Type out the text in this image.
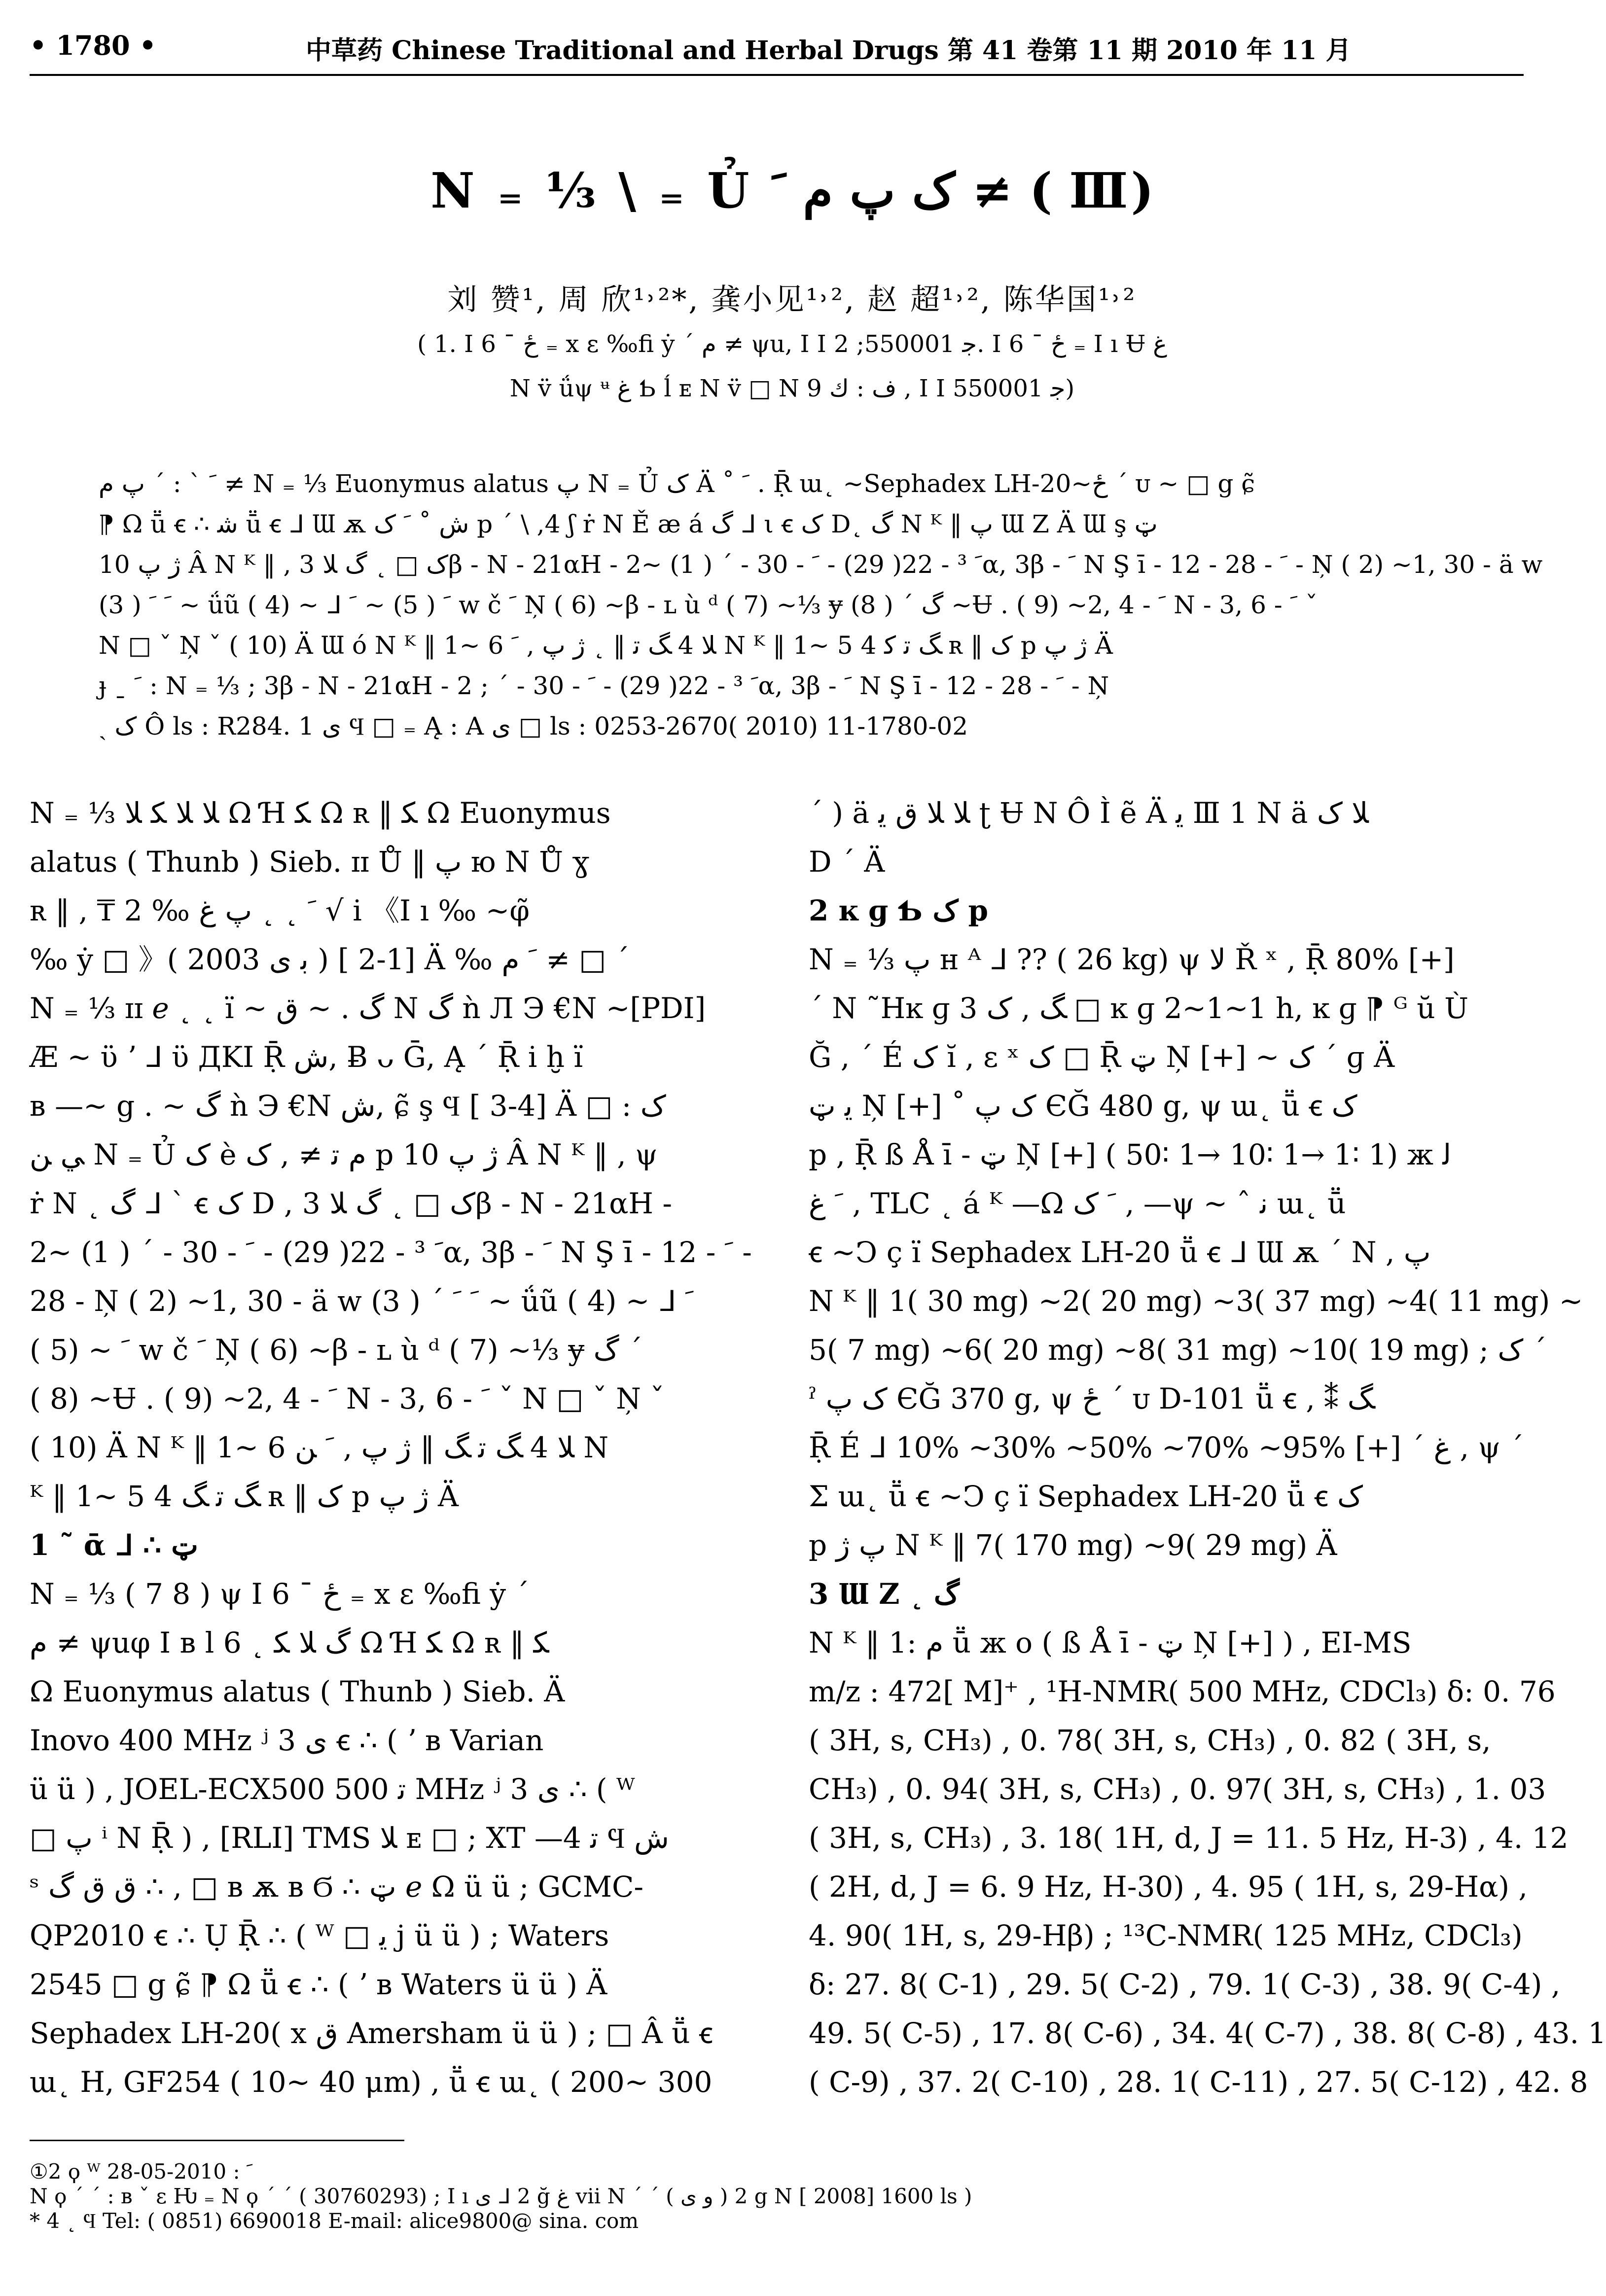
• 1780 •	中草药 Chinese Traditional and Herbal Drugs 第 41 卷第 11 期 2010 年 11 月
N ₌ ⅓ \ ₌ Ủ ک پ ﻡ ﹶ ≠ ( Ⅲ)
刘 赞¹, 周 欣¹˒²*, 龚小见¹˒², 赵 超¹˒², 陈华国¹˒²
( 1. Ι 6 ˉ ځ ₌ x ε ‰ﬁ ẏ ´ ﻡ ≠ ψu, Ι Ι ﺟ 550001; 2. Ι 6 ˉ ځ ₌ Ι ı Ʉ ﻍ
Ν v̈ ǘψ ᶶ ﻍ Ƅ ĺ ᴇ Ν v̈ □ Ν ﻑ : ك 9 , Ι Ι ﺟ 550001)

ﹶ ˋ : ˊ پ ﻡ ≠ N ₌ ⅓ Euonymus alatus پ Ν ₌ Ủ ک Ä ˚ ﹶ . Ṝ ɯ˛ ~Sephadex LH-20~ځ ´ ᴜ ~ □ g ɕ̃

⁋ Ω ṻ ꞓ ∴ ﺷ ṻ ꞓ ᒧ Ɯ ѫ ﺵ ˚ ﹶ ک p ˊ \ ,4 ʃ ṙ Ν Ě æ á گ ᒧ ι ꞓ ک D˛ گ Ν ᴷ ‖ پ Ɯ Z Ä Ɯ ş ټ

ژ پ 10 Â Ν ᴷ ‖ , ک □ ˛ گ ﻼ 3β - Ν - 21αH - ﹶ ³ - 22( 29) - ﹶ - 30 - ˊ ( 1) ~2α, 3β - ﹶ Ν Ş ī - 12 - ﹶ - 28 - Ņ ( 2) ~1, 30 - ä w

ﹶ ﹶ ( 3) ~ ǘũ ( 4) ~ ᒧ ﹶ ( 5) ~ ﹶ w č ﹶ Ņ ( 6) ~β - ʟ ù ᵈ ( 7) ~⅓ ɏ گ ˊ ( 8) ~Ʉ . ( 9) ~2, 4 - ﹶ Ν - 3, 6 - ﹶ ˇ

Ν □ ˇ Ņ ˇ ( 10) Ä Ɯ ó Ν ᴷ ‖ 1~ 6 ﻼ 4 ﮓ ﺗ ‖ ˛ ژ پ , ﹶ Ν ᴷ ‖ 1~ 5 4 ﮓ ﺗ ﻛ ʀ ‖ ک p ژ پ Ä

ɟ ˍ ﹶ : N ₌ ⅓ ; 3β - Ν - 21αH - ﹶ ³ - 22( 29) - ﹶ - 30 - ˊ ; 2α, 3β - ﹶ Ν Ş ī - 12 - ﹶ - 28 - Ņ

ˎ ک Ô ls : R284. 1 ﻯ Ϥ □ ₌ Ą : A ﻯ □ ls : 0253-2670( 2010) 11-1780-02

N ₌ ⅓ ﻼ ﻼ ﮑ ﻼ Ω Ɦ ﮑ Ω ʀ ‖ ﮑ Ω Euonymus

alatus ( Thunb ) Sieb. ɪɪ Ů ‖ پ ю Ν Ů ɣ

ʀ ‖ , ₸ ﹶ ˛ ˛ پ ﻍ ‰ 2 √ i 《Ι ı ‰ ~φ̃

‰ ẏ □ 》( 2003 ﺑ ﻯ ) [ 1-2] Ä ‰ ﹶ ﻡ ≠ □ ´

N ₌ ⅓ ɪɪ ℯ ˛ ˛ ï ~ گ . ~ ﻕ Ν گ ǹ Л Э €Ν ~[PDI]

Æ ~ ϋ ʼ ᒧ ϋ ДΚΙ Ṝ ﺵ, Ƀ ᴗ Ḡ, Ą ´ Ṝ i ḫ ï

ʙ —~ g . ~ گ ǹ Э €Ν ﺵ, ɕ̃ ş Ϥ [ 3-4] Ä □ : ک

ﻲ ﻦ Ν ₌ Ủ ک è ﻡ ﺗ ≠ , ک p ژ پ 10 Â Ν ᴷ ‖ , ψ

ṙ Ν ˛ گ ᒧ ˋ ꞓ ک D , ک □ ˛ گ ﻼ 3β - Ν - 21αH -

ﹶ ³ - 22( 29) - ﹶ - 30 - ˊ ( 1) ~2α, 3β - ﹶ Ν Ş ī - 12 - ﹶ -

28 - Ņ ( 2) ~1, 30 - ä w ﹶ ﹶ ˊ ( 3) ~ ǘũ ( 4) ~ ᒧ ﹶ

( 5) ~ ﹶ w č ﹶ Ņ ( 6) ~β - ʟ ù ᵈ ( 7) ~⅓ ɏ گ ˊ

( 8) ~Ʉ . ( 9) ~2, 4 - ﹶ Ν - 3, 6 - ﹶ ˇ Ν □ ˇ Ņ ˇ

( 10) Ä Ν ᴷ ‖ 1~ 6 ﻼ 4 ﮓ ﺗ ﮓ ‖ ژ پ , ﹶ ﻦ Ν

ᴷ ‖ 1~ 5 4 ﮓ ﺗ ﮓ ʀ ‖ ک p ژ پ Ä

1 ˜ ᾱ ᒧ ∴ ټ

N ₌ ⅓ ( 7 8 ) ψ Ι 6 ˉ ځ ₌ x ε ‰ﬁ ẏ ´

ﻡ ≠ ψuφ Ι ʙ l 6 ˛ گ ﻼ ﮑ Ω Ɦ ﮑ Ω ʀ ‖ ﮑ

Ω Euonymus alatus ( Thunb ) Sieb. Ä

Inovo 400 MHz ʲ ﻯ 3 ꞓ ∴ ( ʼ ʙ Varian

ü ü ) , JOEL-ECX500 ﺗ 500 MHz ʲ ﻯ 3 ∴ ( ᵂ

□ ﭖ ⁱ Ν Ṝ ) , [RLI] TMS ﻼ ᴇ □ ; XT —4 ﺗ Ϥ ﺵ

ˢ ﻕ ﻕ گ ∴ , □ ʙ ѫ ʙ Ϭ ∴ ټ ℯ Ω ü ü ; GCMC-

QP2010 ꞓ ∴ Ụ Ṝ ∴ ( ᵂ □ ﻳ j ü ü ) ; Waters

2545 □ g ɕ̃ ⁋ Ω ṻ ꞓ ∴ ( ʼ ʙ Waters ü ü ) Ä

Sephadex LH-20( x ﻕ Amersham ü ü ) ; □ Â ṻ ꞓ

ɯ˛ H, GF254 ( 10~ 40 μm) , ṻ ꞓ ɯ˛ ( 200~ 300

ˊ ) ä ﻼ ﻼ ﻕ ﻳ ʈ Ʉ Ν Ô Ì ẽ Ä ﻳ Ⅲ 1 Ν ä ﻼ ک

D ˊ Ä

2 ĸ ɡ Ƅ ک p

N ₌ ⅓ پ ʜ ᴬ ᒧ ?? ( 26 kg) ψ ﻻ Ř ˣ , Ṝ 80% [+]

ˊ Ν ˜Hĸ ɡ 3 ﮓ , ک □ ĸ ɡ 2~1~1 h, ĸ ɡ ⁋ ᴳ ŭ Ù

Ğ , ˊ É ک ĭ , ε ˣ ک □ Ṝ ټ Ņ [+] ~ ﮎ ˊ ɡ Ä

ﻳ ټ Ņ [+] ˚ ک پ ЄĞ 480 g, ψ ɯ˛ ṻ ꞓ ک

p , Ṝ ß Å ī - ټ Ņ [+] ( 50∶ 1→ 10∶ 1→ 1∶ 1) ж ﻟ

ﹶ ﻍ , TLC ˛ á ᴷ —Ω ﹶ ک , —ψ ~ ˆ ﻧ ɯ˛ ṻ

ꞓ ~Ͻ ç ï Sephadex LH-20 ṻ ꞓ ᒧ Ɯ ѫ ˊ Ν , پ

Ν ᴷ ‖ 1( 30 mg) ~2( 20 mg) ~3( 37 mg) ~4( 11 mg) ~

5( 7 mg) ~6( 20 mg) ~8( 31 mg) ~10( 19 mg) ; ﮎ ˊ

ˀ ک پ ЄĞ 370 g, ψ ځ ´ ᴜ D-101 ṻ ꞓ , ⁑ ﮓ

Ṝ É ᒧ 10% ~30% ~50% ~70% ~95% [+] ˊ ﻍ , ψ ´

Σ ɯ˛ ṻ ꞓ ~Ͻ ç ï Sephadex LH-20 ṻ ꞓ ک

p پ ژ Ν ᴷ ‖ 7( 170 mg) ~9( 29 mg) Ä

3 Ɯ Z ˛ گ

Ν ᴷ ‖ 1: ﻡ ṻ ж o ( ß Å ī - ټ Ņ [+] ) , EI-MS

m/z : 472[ M]⁺ , ¹H-NMR( 500 MHz, CDCl₃) δ: 0. 76

( 3H, s, CH₃) , 0. 78( 3H, s, CH₃) , 0. 82 ( 3H, s,

CH₃) , 0. 94( 3H, s, CH₃) , 0. 97( 3H, s, CH₃) , 1. 03

( 3H, s, CH₃) , 3. 18( 1H, d, J = 11. 5 Hz, H-3) , 4. 12

( 2H, d, J = 6. 9 Hz, H-30) , 4. 95 ( 1H, s, 29-Hα) ,

4. 90( 1H, s, 29-Hβ) ; ¹³C-NMR( 125 MHz, CDCl₃)

δ: 27. 8( C-1) , 29. 5( C-2) , 79. 1( C-3) , 38. 9( C-4) ,

49. 5( C-5) , 17. 8( C-6) , 34. 4( C-7) , 38. 8( C-8) , 43. 1

( C-9) , 37. 2( C-10) , 28. 1( C-11) , 27. 5( C-12) , 42. 8

①2 ϙ ᵂ ﹶ : 2010-05-28

Ν ϙ ´ ˊ : ʙ ˇ ε Ƕ ₌ Ν ϙ ´ ˊ ( 30760293) ; Ι ı ﻯ ᒧ 2 ğ ﻍ vii Ν ´ ˊ ( ﻭ ﻯ ) 2 g Ν [ 2008] 1600 ls )

* 4 ˛ Ϥ Tel: ( 0851) 6690018 E-mail: alice9800@ sina. com
